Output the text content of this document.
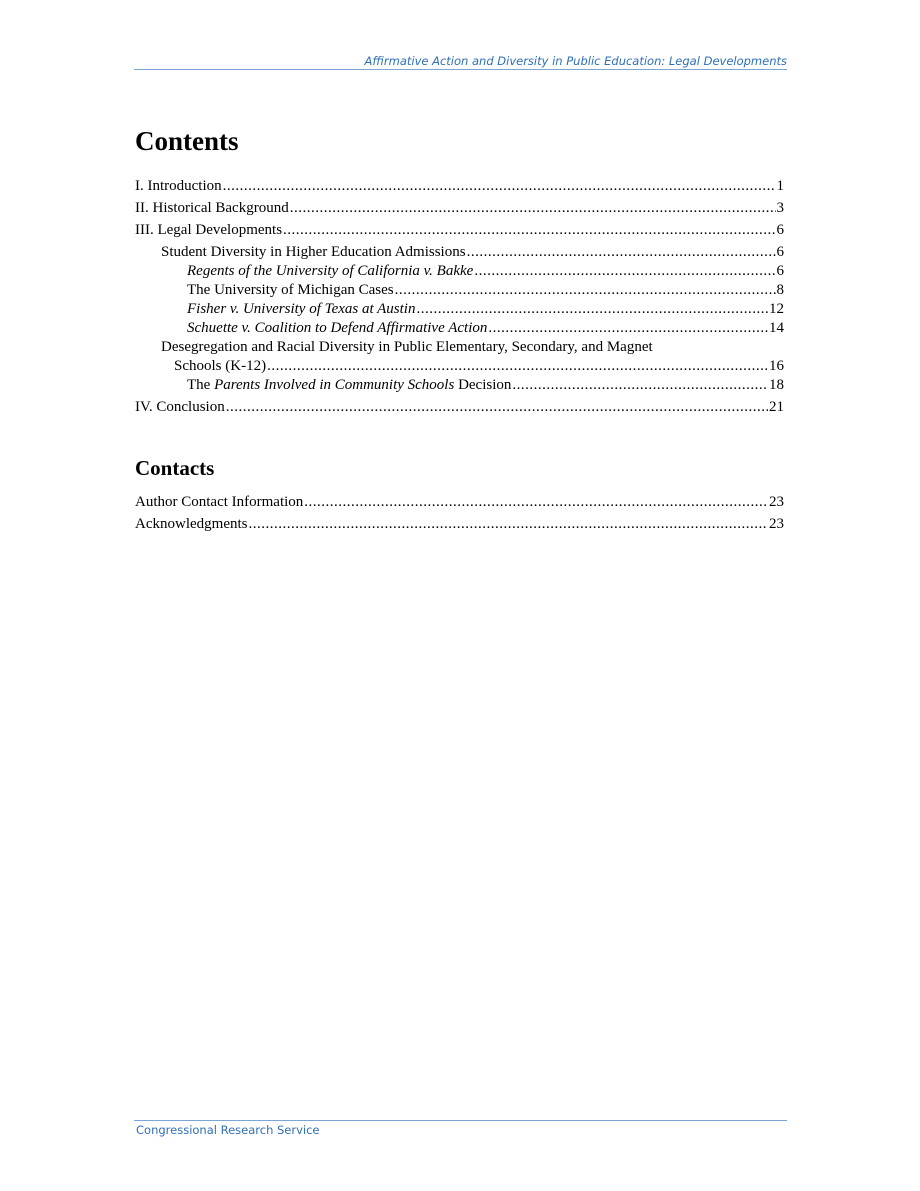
Affirmative Action and Diversity in Public Education: Legal Developments
Contents
I. Introduction .....	1
II. Historical Background .....	3
III. Legal Developments .....	6
Student Diversity in Higher Education Admissions .....	6
Regents of the University of California v. Bakke .....	6
The University of Michigan Cases .....	8
Fisher v. University of Texas at Austin .....	12
Schuette v. Coalition to Defend Affirmative Action .....	14
Desegregation and Racial Diversity in Public Elementary, Secondary, and Magnet
Schools (K-12) .....	16
The Parents Involved in Community Schools Decision .....	18
IV. Conclusion .....	21
Contacts
Author Contact Information .....	23
Acknowledgments .....	23
Congressional Research Service
